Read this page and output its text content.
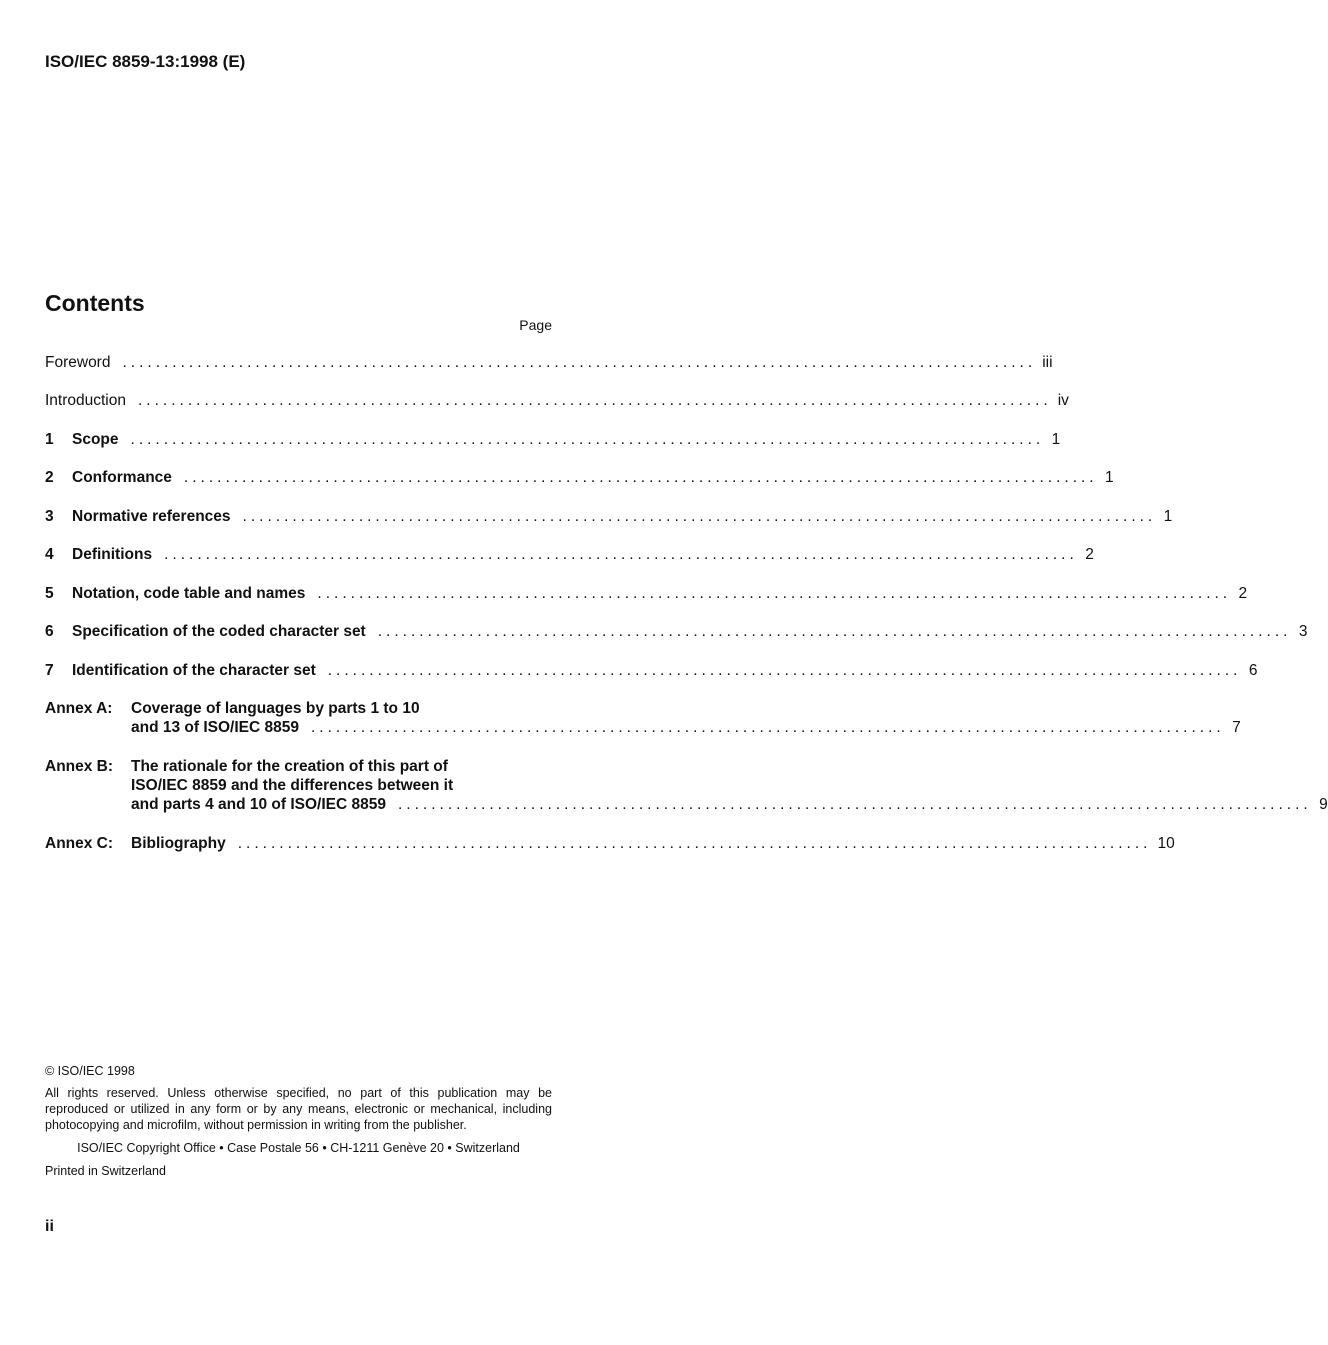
ISO/IEC 8859-13:1998 (E)
Contents
Page
Foreword .............................................................................................................. iii
Introduction .............................................................................................................. iv
1	Scope .............................................................................................................. 1
2	Conformance .............................................................................................................. 1
3	Normative references .............................................................................................................. 1
4	Definitions .............................................................................................................. 2
5	Notation, code table and names .............................................................................................................. 2
6	Specification of the coded character set .............................................................................................................. 3
7	Identification of the character set .............................................................................................................. 6
Annex A:	Coverage of languages by parts 1 to 10
and 13 of ISO/IEC 8859 .............................................................................................................. 7
Annex B:	The rationale for the creation of this part of
ISO/IEC 8859 and the differences between it
and parts 4 and 10 of ISO/IEC 8859 .............................................................................................................. 9
Annex C:	Bibliography .............................................................................................................. 10
© ISO/IEC 1998
All rights reserved. Unless otherwise specified, no part of this publication may be reproduced or utilized in any form or by any means, electronic or mechanical, including photocopying and microfilm, without permission in writing from the publisher.
ISO/IEC Copyright Office • Case Postale 56 • CH-1211 Genève 20 • Switzerland
Printed in Switzerland
ii
